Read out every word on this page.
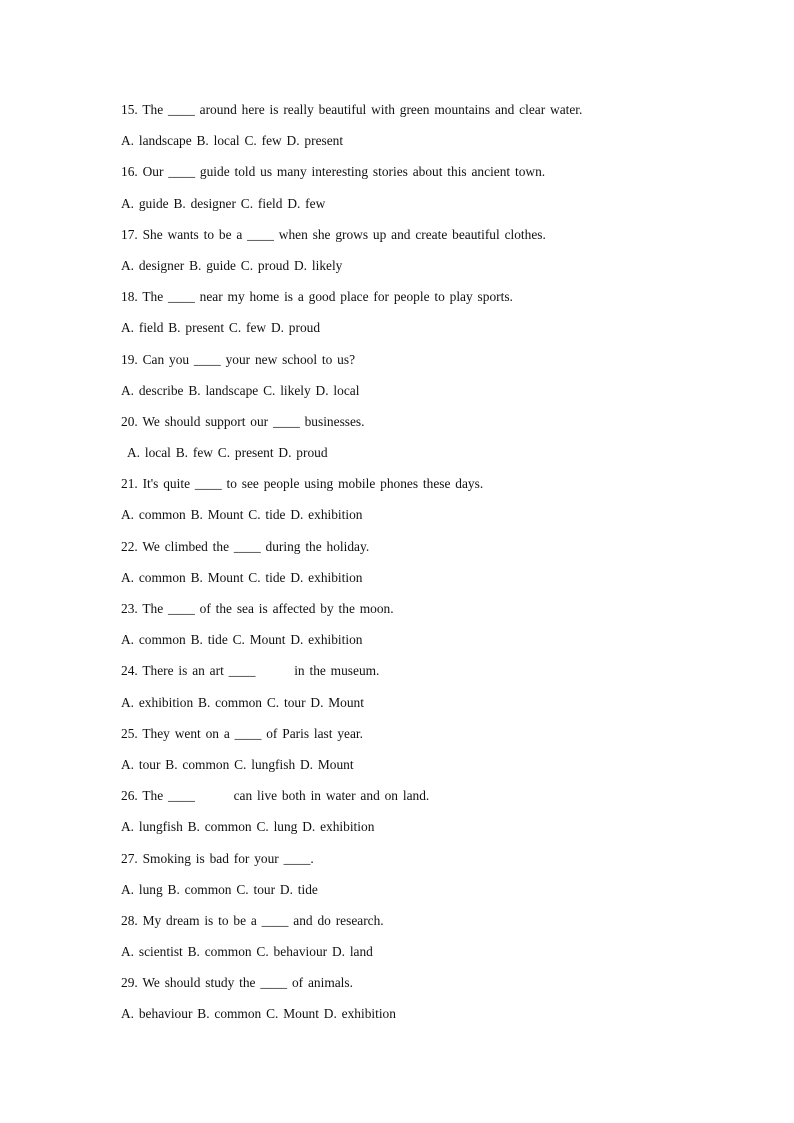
15. The ____ around here is really beautiful with green mountains and clear water.
A. landscape B. local C. few D. present
16. Our ____ guide told us many interesting stories about this ancient town.
A. guide B. designer C. field D. few
17. She wants to be a ____ when she grows up and create beautiful clothes.
A. designer B. guide C. proud D. likely
18. The ____ near my home is a good place for people to play sports.
A. field B. present C. few D. proud
19. Can you ____ your new school to us?
A. describe B. landscape C. likely D. local
20. We should support our ____ businesses.
A. local B. few C. present D. proud
21. It's quite ____ to see people using mobile phones these days.
A. common B. Mount C. tide D. exhibition
22. We climbed the ____ during the holiday.
A. common B. Mount C. tide D. exhibition
23. The ____ of the sea is affected by the moon.
A. common B. tide C. Mount D. exhibition
24. There is an art ____        in the museum.
A. exhibition B. common C. tour D. Mount
25. They went on a ____ of Paris last year.
A. tour B. common C. lungfish D. Mount
26. The ____        can live both in water and on land.
A. lungfish B. common C. lung D. exhibition
27. Smoking is bad for your ____.
A. lung B. common C. tour D. tide
28. My dream is to be a ____ and do research.
A. scientist B. common C. behaviour D. land
29. We should study the ____ of animals.
A. behaviour B. common C. Mount D. exhibition
